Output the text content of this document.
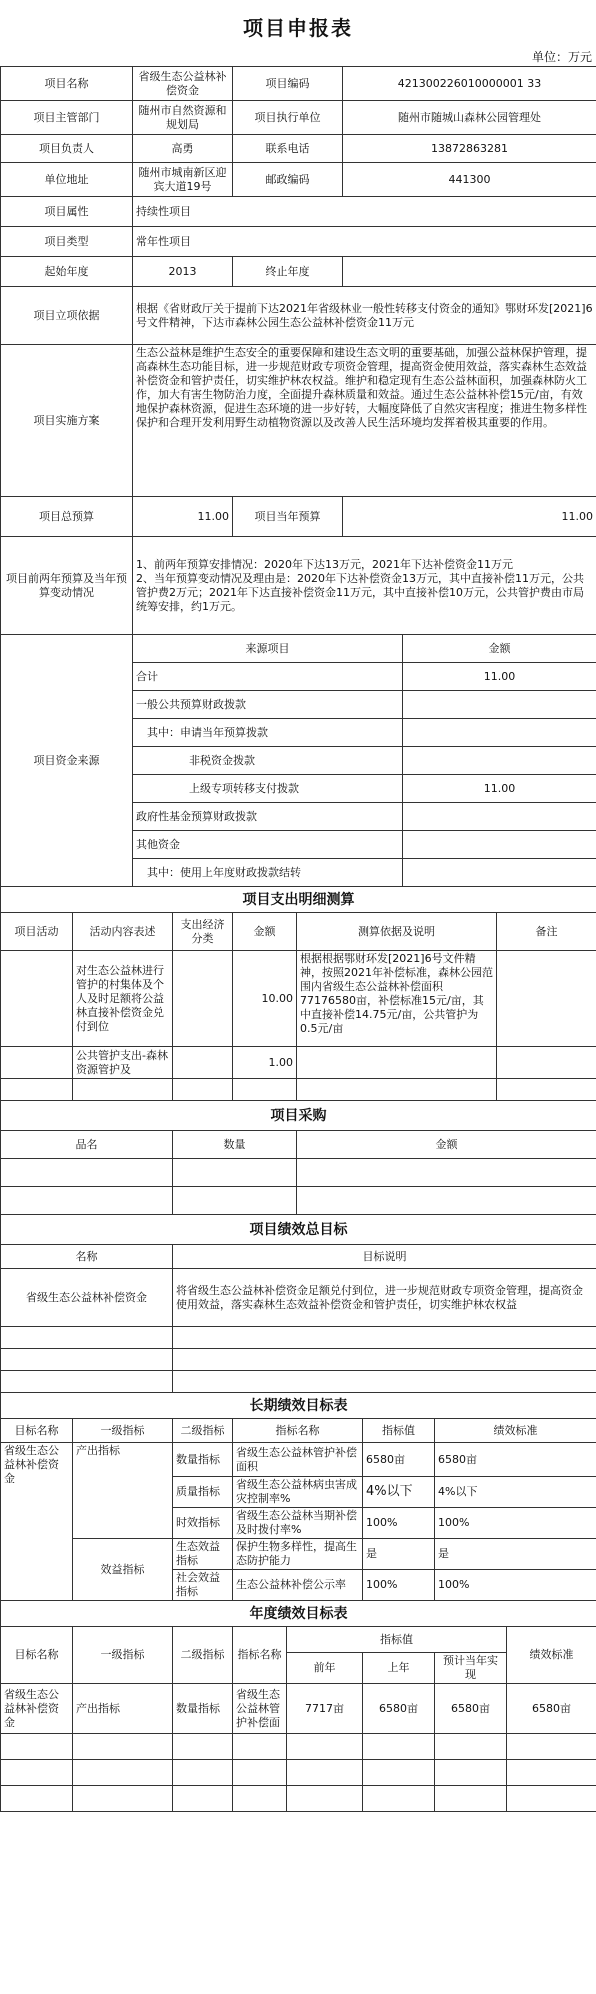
项目申报表
单位：万元
项目名称	省级生态公益林补偿资金	项目编码	421300226010000001 33
项目主管部门	随州市自然资源和规划局	项目执行单位	随州市随城山森林公园管理处
项目负责人	高勇	联系电话	13872863281
单位地址	随州市城南新区迎宾大道19号	邮政编码	441300
项目属性	持续性项目		
项目类型	常年性项目		
起始年度	2013	终止年度	
项目立项依据	根据《省财政厅关于提前下达2021年省级林业一般性转移支付资金的通知》鄂财环发[2021]6号文件精神，下达市森林公园生态公益林补偿资金11万元		
项目实施方案	生态公益林是维护生态安全的重要保障和建设生态文明的重要基础，加强公益林保护管理，提高森林生态功能目标，进一步规范财政专项资金管理，提高资金使用效益，落实森林生态效益补偿资金和管护责任，切实维护林农权益。维护和稳定现有生态公益林面积，加强森林防火工作，加大有害生物防治力度，全面提升森林质量和效益。通过生态公益林补偿15元/亩，有效地保护森林资源，促进生态环境的进一步好转，大幅度降低了自然灾害程度；推进生物多样性保护和合理开发利用野生动植物资源以及改善人民生活环境均发挥着极其重要的作用。		
项目总预算	11.00	项目当年预算	11.00
项目前两年预算及当年预算变动情况	1、前两年预算安排情况：2020年下达13万元，2021年下达补偿资金11万元
2、当年预算变动情况及理由是：2020年下达补偿资金13万元，其中直接补偿11万元，公共管护费2万元；2021年下达直接补偿资金11万元，其中直接补偿10万元，公共管护费由市局统筹安排，约1万元。		
项目资金来源	来源项目	金额
	合计	11.00
	一般公共预算财政拨款	
	其中：申请当年预算拨款	
	非税资金拨款	
	上级专项转移支付拨款	11.00
	政府性基金预算财政拨款	
	其他资金	
	其中：使用上年度财政拨款结转	
项目支出明细测算					
项目活动	活动内容表述	支出经济分类	金额	测算依据及说明	备注
	对生态公益林进行管护的村集体及个人及时足额将公益林直接补偿资金兑付到位		10.00	根据根据鄂财环发[2021]6号文件精神，按照2021年补偿标准，森林公园范围内省级生态公益林补偿面积77176580亩，补偿标准15元/亩，其中直接补偿14.75元/亩，公共管护为0.5元/亩	
	公共管护支出-森林资源管护及		1.00		

项目采购		
品名	数量	金额

项目绩效总目标	
名称	目标说明
省级生态公益林补偿资金	将省级生态公益林补偿资金足额兑付到位，进一步规范财政专项资金管理，提高资金使用效益，落实森林生态效益补偿资金和管护责任，切实维护林农权益

长期绩效目标表					
目标名称	一级指标	二级指标	指标名称	指标值	绩效标准
省级生态公益林补偿资金	产出指标	数量指标	省级生态公益林管护补偿面积	6580亩	6580亩
		质量指标	省级生态公益林病虫害成灾控制率%	4%以下	4%以下
		时效指标	省级生态公益林当期补偿及时拨付率%	100%	100%
	效益指标	生态效益指标	保护生物多样性，提高生态防护能力	是	是
		社会效益指标	生态公益林补偿公示率	100%	100%
年度绩效目标表							
目标名称	一级指标	二级指标	指标名称	指标值			绩效标准
				前年	上年	预计当年实现	
省级生态公益林补偿资金	产出指标	数量指标	省级生态公益林管护补偿面	7717亩	6580亩	6580亩	6580亩
